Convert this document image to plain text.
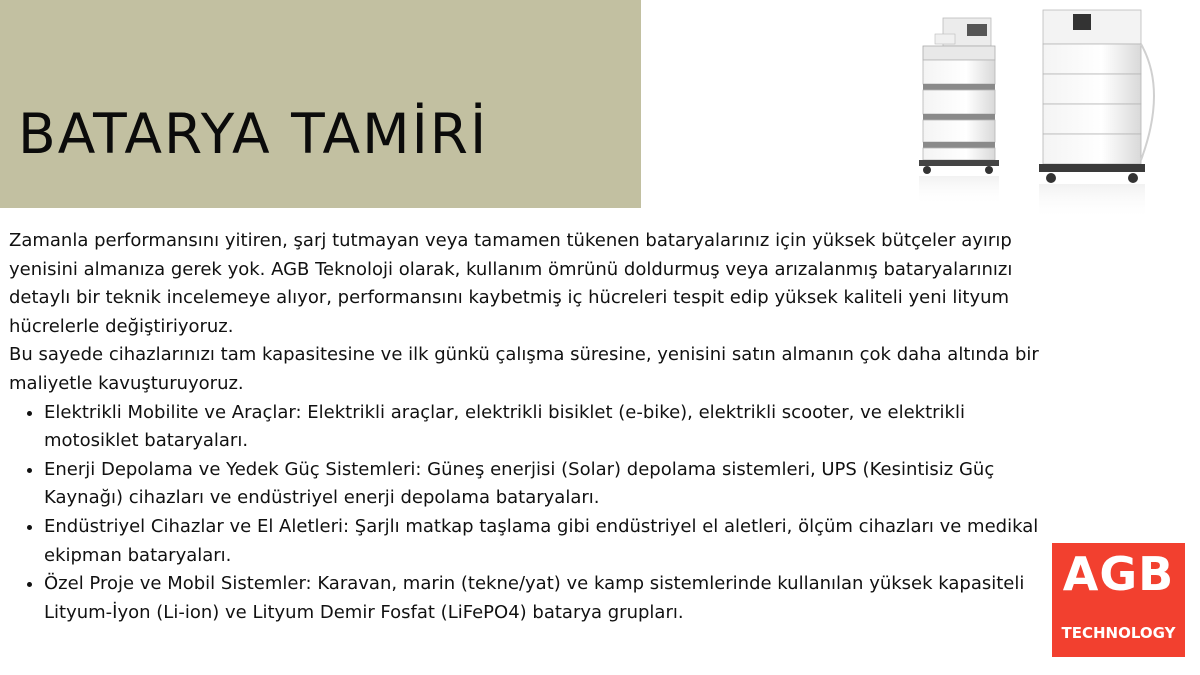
BATARYA TAMİRİ

Zamanla performansını yitiren, şarj tutmayan veya tamamen tükenen bataryalarınız için yüksek bütçeler ayırıp yenisini almanıza gerek yok. AGB Teknoloji olarak, kullanım ömrünü doldurmuş veya arızalanmış bataryalarınızı detaylı bir teknik incelemeye alıyor, performansını kaybetmiş iç hücreleri tespit edip yüksek kaliteli yeni lityum hücrelerle değiştiriyoruz.

Bu sayede cihazlarınızı tam kapasitesine ve ilk günkü çalışma süresine, yenisini satın almanın çok daha altında bir maliyetle kavuşturuyoruz.

• Elektrikli Mobilite ve Araçlar: Elektrikli araçlar, elektrikli bisiklet (e-bike), elektrikli scooter, ve elektrikli motosiklet bataryaları.
• Enerji Depolama ve Yedek Güç Sistemleri: Güneş enerjisi (Solar) depolama sistemleri, UPS (Kesintisiz Güç Kaynağı) cihazları ve endüstriyel enerji depolama bataryaları.
• Endüstriyel Cihazlar ve El Aletleri: Şarjlı matkap taşlama gibi endüstriyel el aletleri, ölçüm cihazları ve medikal ekipman bataryaları.
• Özel Proje ve Mobil Sistemler: Karavan, marin (tekne/yat) ve kamp sistemlerinde kullanılan yüksek kapasiteli Lityum-İyon (Li-ion) ve Lityum Demir Fosfat (LiFePO4) batarya grupları.
AGB
TECHNOLOGY
